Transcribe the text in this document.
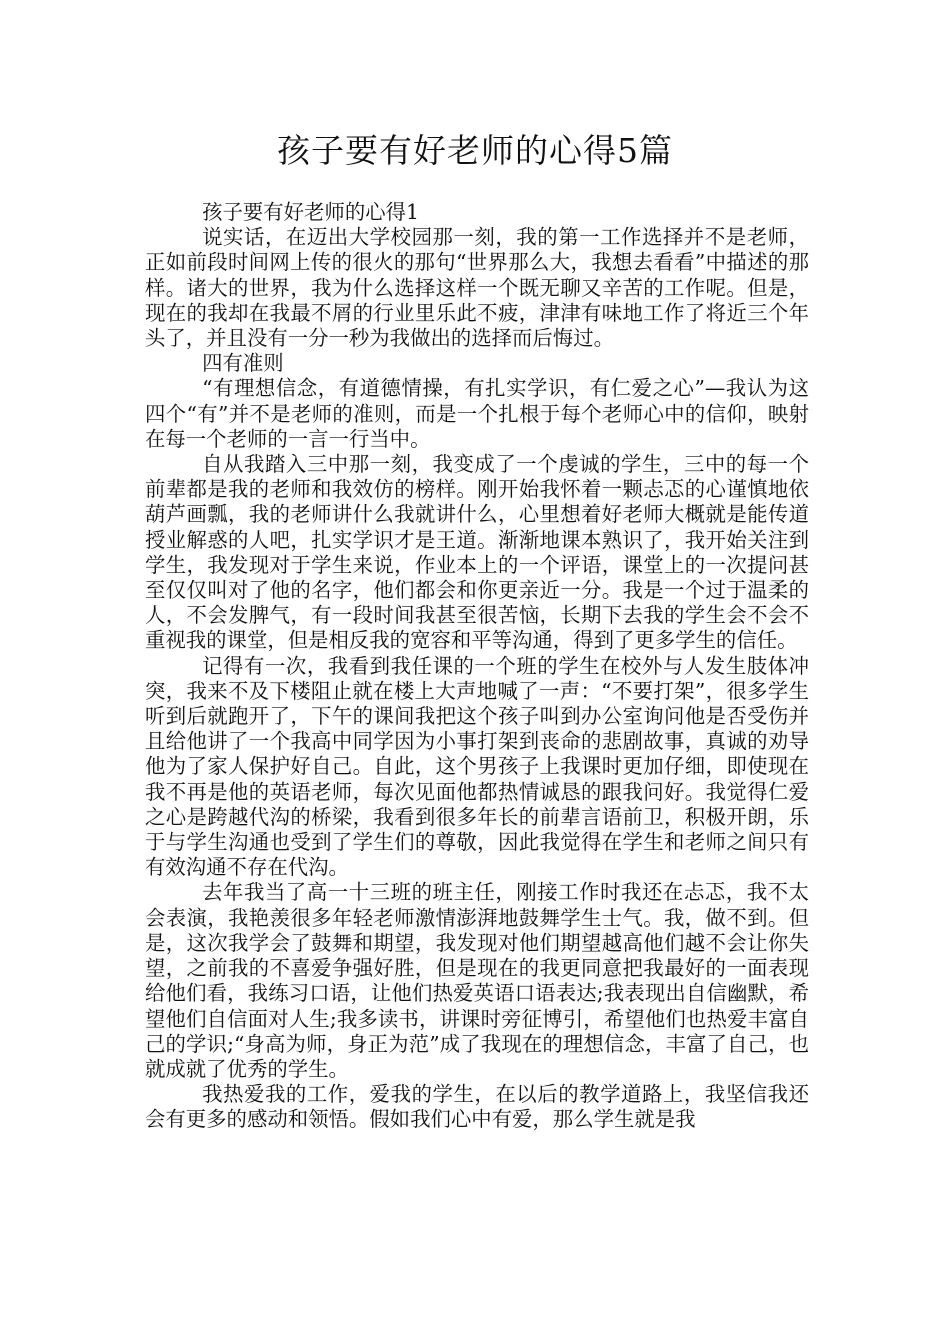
孩子要有好老师的心得5篇

孩子要有好老师的心得1

说实话，在迈出大学校园那一刻，我的第一工作选择并不是老师，正如前段时间网上传的很火的那句“世界那么大，我想去看看”中描述的那样。诸大的世界，我为什么选择这样一个既无聊又辛苦的工作呢。但是，现在的我却在我最不屑的行业里乐此不疲，津津有味地工作了将近三个年头了，并且没有一分一秒为我做出的选择而后悔过。

四有准则

“有理想信念，有道德情操，有扎实学识，有仁爱之心”—我认为这四个“有”并不是老师的准则，而是一个扎根于每个老师心中的信仰，映射在每一个老师的一言一行当中。

自从我踏入三中那一刻，我变成了一个虔诚的学生，三中的每一个前辈都是我的老师和我效仿的榜样。刚开始我怀着一颗忐忑的心谨慎地依葫芦画瓢，我的老师讲什么我就讲什么，心里想着好老师大概就是能传道授业解惑的人吧，扎实学识才是王道。渐渐地课本熟识了，我开始关注到学生，我发现对于学生来说，作业本上的一个评语，课堂上的一次提问甚至仅仅叫对了他的名字，他们都会和你更亲近一分。我是一个过于温柔的人，不会发脾气，有一段时间我甚至很苦恼，长期下去我的学生会不会不重视我的课堂，但是相反我的宽容和平等沟通，得到了更多学生的信任。

记得有一次，我看到我任课的一个班的学生在校外与人发生肢体冲突，我来不及下楼阻止就在楼上大声地喊了一声：“不要打架”，很多学生听到后就跑开了，下午的课间我把这个孩子叫到办公室询问他是否受伤并且给他讲了一个我高中同学因为小事打架到丧命的悲剧故事，真诚的劝导他为了家人保护好自己。自此，这个男孩子上我课时更加仔细，即使现在我不再是他的英语老师，每次见面他都热情诚恳的跟我问好。我觉得仁爱之心是跨越代沟的桥梁，我看到很多年长的前辈言语前卫，积极开朗，乐于与学生沟通也受到了学生们的尊敬，因此我觉得在学生和老师之间只有有效沟通不存在代沟。

去年我当了高一十三班的班主任，刚接工作时我还在忐忑，我不太会表演，我艳羡很多年轻老师激情澎湃地鼓舞学生士气。我，做不到。但是，这次我学会了鼓舞和期望，我发现对他们期望越高他们越不会让你失望，之前我的不喜爱争强好胜，但是现在的我更同意把我最好的一面表现给他们看，我练习口语，让他们热爱英语口语表达;我表现出自信幽默，希望他们自信面对人生;我多读书，讲课时旁征博引，希望他们也热爱丰富自己的学识;“身高为师，身正为范”成了我现在的理想信念，丰富了自己，也就成就了优秀的学生。

我热爱我的工作，爱我的学生，在以后的教学道路上，我坚信我还会有更多的感动和领悟。假如我们心中有爱，那么学生就是我
